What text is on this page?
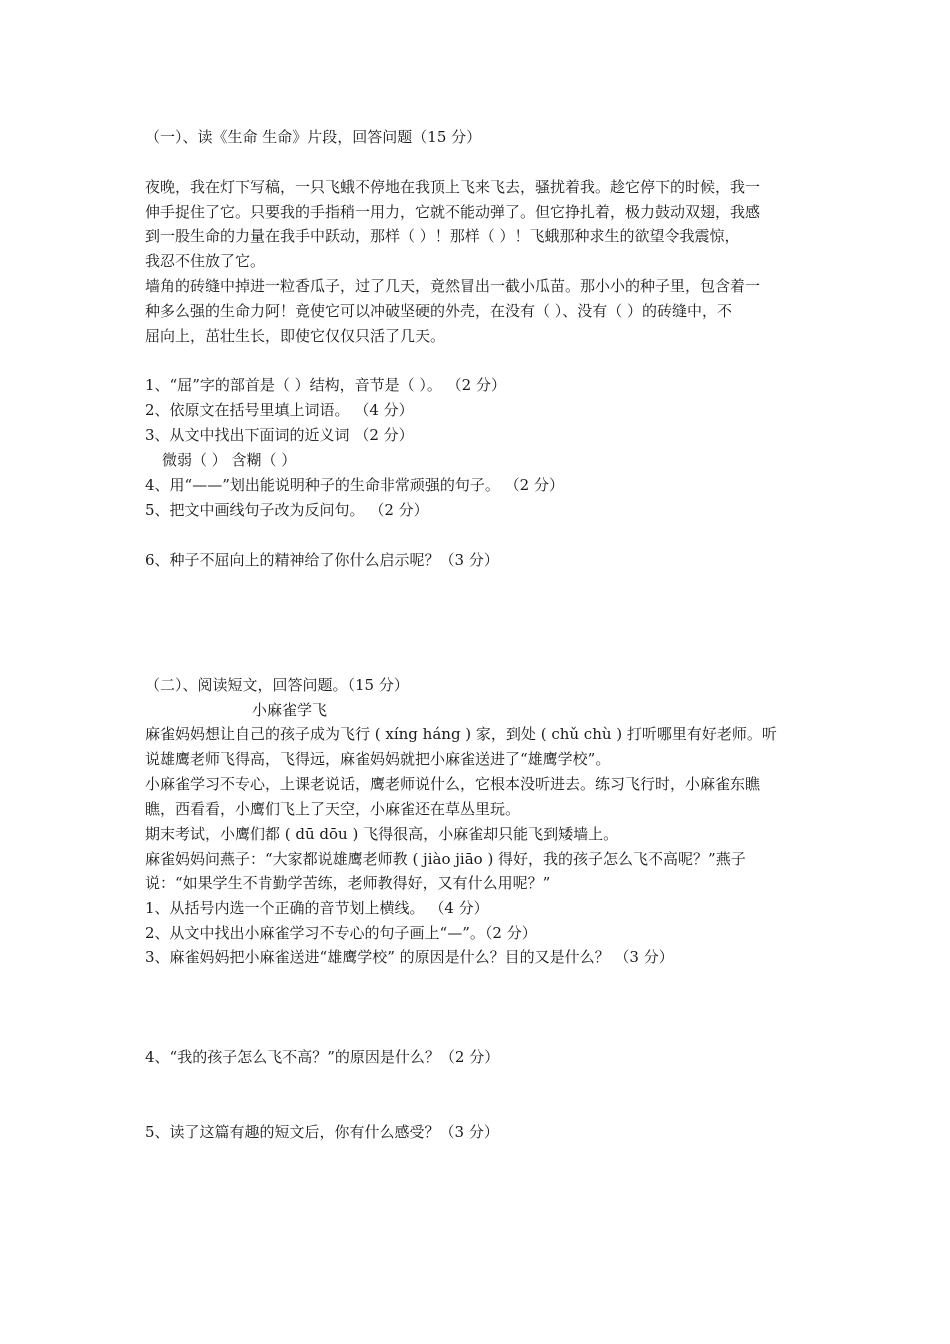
（一）、读《生命 生命》片段，回答问题（15 分）
夜晚，我在灯下写稿，一只飞蛾不停地在我顶上飞来飞去，骚扰着我。趁它停下的时候，我一
伸手捉住了它。只要我的手指稍一用力，它就不能动弹了。但它挣扎着，极力鼓动双翅，我感
到一股生命的力量在我手中跃动，那样（ ）！那样（ ）！飞蛾那种求生的欲望令我震惊，
我忍不住放了它。
墙角的砖缝中掉进一粒香瓜子，过了几天，竟然冒出一截小瓜苗。那小小的种子里，包含着一
种多么强的生命力阿！竟使它可以冲破坚硬的外壳，在没有（ ）、没有（ ）的砖缝中，不
屈向上，茁壮生长，即使它仅仅只活了几天。
1、“屈”字的部首是（ ）结构，音节是（ ）。 （2 分）
2、依原文在括号里填上词语。 （4 分）
3、从文中找出下面词的近义词 （2 分）
微弱（ ） 含糊（ ）
4、用“——”划出能说明种子的生命非常顽强的句子。 （2 分）
5、把文中画线句子改为反问句。 （2 分）
6、种子不屈向上的精神给了你什么启示呢？（3 分）
（二）、阅读短文，回答问题。（15 分）
小麻雀学飞
麻雀妈妈想让自己的孩子成为飞行 ( xíng háng ) 家，到处 ( chǔ chù ) 打听哪里有好老师。听
说雄鹰老师飞得高，飞得远，麻雀妈妈就把小麻雀送进了“雄鹰学校”。
小麻雀学习不专心，上课老说话，鹰老师说什么，它根本没听进去。练习飞行时，小麻雀东瞧
瞧，西看看，小鹰们飞上了天空，小麻雀还在草丛里玩。
期末考试，小鹰们都 ( dū dōu ) 飞得很高，小麻雀却只能飞到矮墙上。
麻雀妈妈问燕子：“大家都说雄鹰老师教 ( jiào jiāo ) 得好，我的孩子怎么飞不高呢？”燕子
说：“如果学生不肯勤学苦练，老师教得好，又有什么用呢？”
1、从括号内选一个正确的音节划上横线。 （4 分）
2、从文中找出小麻雀学习不专心的句子画上“—”。（2 分）
3、麻雀妈妈把小麻雀送进“雄鹰学校” 的原因是什么？目的又是什么？ （3 分）
4、“我的孩子怎么飞不高？”的原因是什么？（2 分）
5、读了这篇有趣的短文后，你有什么感受？（3 分）
